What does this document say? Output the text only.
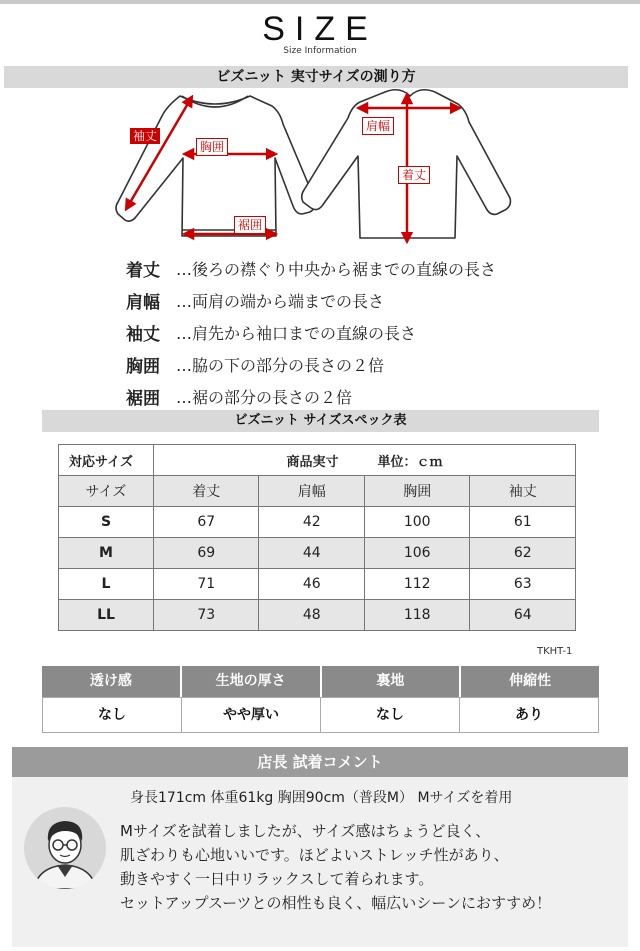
SIZE
Size Information
ビズニット 実寸サイズの測り方
袖丈
胸囲
裾囲
肩幅
着丈
着丈	…後ろの襟ぐり中央から裾までの直線の長さ
肩幅	…両肩の端から端までの長さ
袖丈	…肩先から袖口までの直線の長さ
胸囲	…脇の下の部分の長さの２倍
裾囲	…裾の部分の長さの２倍
ビズニット サイズスペック表
対応サイズ	商品実寸　　　単位：ｃｍ			
サイズ	着丈	肩幅	胸囲	袖丈
S	67	42	100	61
M	69	44	106	62
L	71	46	112	63
LL	73	48	118	64
TKHT-1
透け感	生地の厚さ	裏地	伸縮性
なし	やや厚い	なし	あり
店長 試着コメント
身長171cm 体重61kg 胸囲90cm（普段M） Mサイズを着用
Mサイズを試着しましたが、サイズ感はちょうど良く、
肌ざわりも心地いいです。ほどよいストレッチ性があり、
動きやすく一日中リラックスして着られます。
セットアップスーツとの相性も良く、幅広いシーンにおすすめ！
